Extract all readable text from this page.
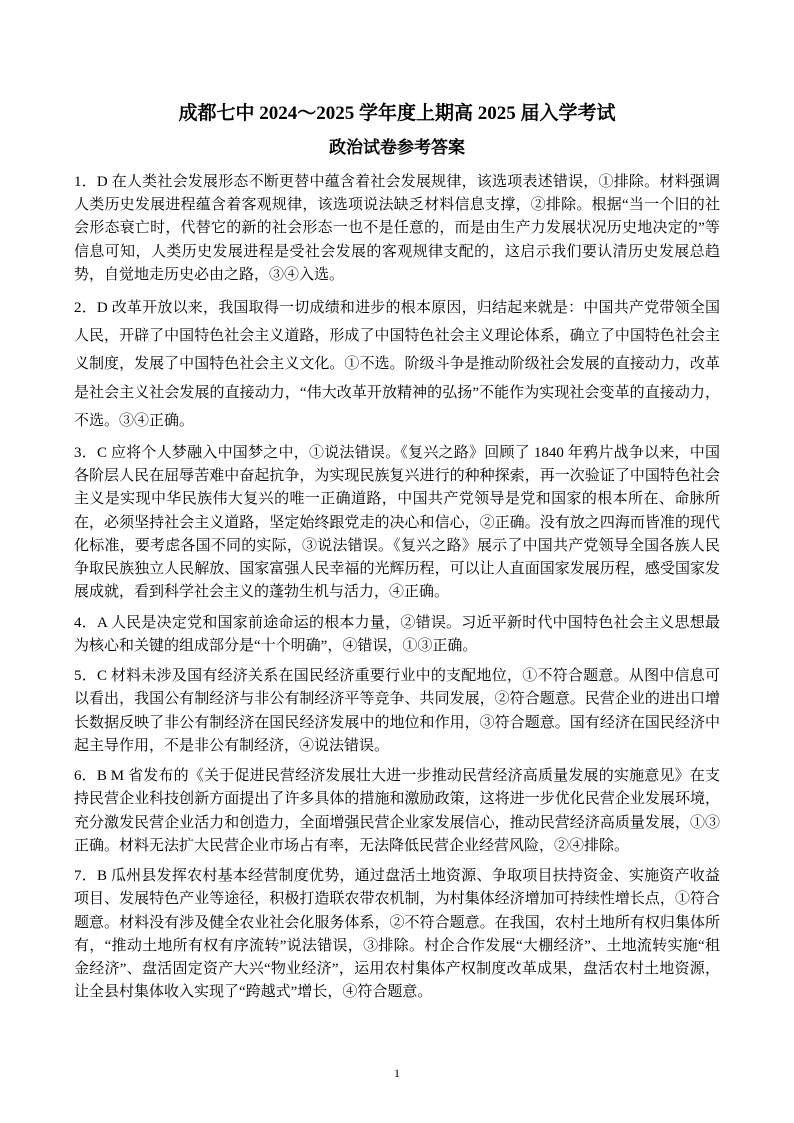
成都七中 2024～2025 学年度上期高 2025 届入学考试
政治试卷参考答案

1．D 在人类社会发展形态不断更替中蕴含着社会发展规律，该选项表述错误，①排除。材料强调人类历史发展进程蕴含着客观规律，该选项说法缺乏材料信息支撑，②排除。根据“当一个旧的社会形态衰亡时，代替它的新的社会形态一也不是任意的，而是由生产力发展状况历史地决定的”等信息可知，人类历史发展进程是受社会发展的客观规律支配的，这启示我们要认清历史发展总趋势，自觉地走历史必由之路，③④入选。

2．D 改革开放以来，我国取得一切成绩和进步的根本原因，归结起来就是：中国共产党带领全国人民，开辟了中国特色社会主义道路，形成了中国特色社会主义理论体系，确立了中国特色社会主义制度，发展了中国特色社会主义文化。①不选。阶级斗争是推动阶级社会发展的直接动力，改革是社会主义社会发展的直接动力，“伟大改革开放精神的弘扬”不能作为实现社会变革的直接动力，不选。③④正确。

3．C 应将个人梦融入中国梦之中，①说法错误。《复兴之路》回顾了 1840 年鸦片战争以来，中国各阶层人民在屈辱苦难中奋起抗争，为实现民族复兴进行的种种探索，再一次验证了中国特色社会主义是实现中华民族伟大复兴的唯一正确道路，中国共产党领导是党和国家的根本所在、命脉所在，必须坚持社会主义道路，坚定始终跟党走的决心和信心，②正确。没有放之四海而皆准的现代化标准，要考虑各国不同的实际，③说法错误。《复兴之路》展示了中国共产党领导全国各族人民争取民族独立人民解放、国家富强人民幸福的光辉历程，可以让人直面国家发展历程，感受国家发展成就，看到科学社会主义的蓬勃生机与活力，④正确。

4．A 人民是决定党和国家前途命运的根本力量，②错误。习近平新时代中国特色社会主义思想最为核心和关键的组成部分是“十个明确”，④错误，①③正确。

5．C 材料未涉及国有经济关系在国民经济重要行业中的支配地位，①不符合题意。从图中信息可以看出，我国公有制经济与非公有制经济平等竞争、共同发展，②符合题意。民营企业的进出口增长数据反映了非公有制经济在国民经济发展中的地位和作用，③符合题意。国有经济在国民经济中起主导作用，不是非公有制经济，④说法错误。

6．B M 省发布的《关于促进民营经济发展壮大进一步推动民营经济高质量发展的实施意见》在支持民营企业科技创新方面提出了许多具体的措施和激励政策，这将进一步优化民营企业发展环境，充分激发民营企业活力和创造力，全面增强民营企业家发展信心，推动民营经济高质量发展，①③正确。材料无法扩大民营企业市场占有率，无法降低民营企业经营风险，②④排除。

7．B 瓜州县发挥农村基本经营制度优势，通过盘活土地资源、争取项目扶持资金、实施资产收益项目、发展特色产业等途径，积极打造联农带农机制，为村集体经济增加可持续性增长点，①符合题意。材料没有涉及健全农业社会化服务体系，②不符合题意。在我国，农村土地所有权归集体所有，“推动土地所有权有序流转”说法错误，③排除。村企合作发展“大棚经济”、土地流转实施“租金经济”、盘活固定资产大兴“物业经济”，运用农村集体产权制度改革成果，盘活农村土地资源，让全县村集体收入实现了“跨越式”增长，④符合题意。

1
